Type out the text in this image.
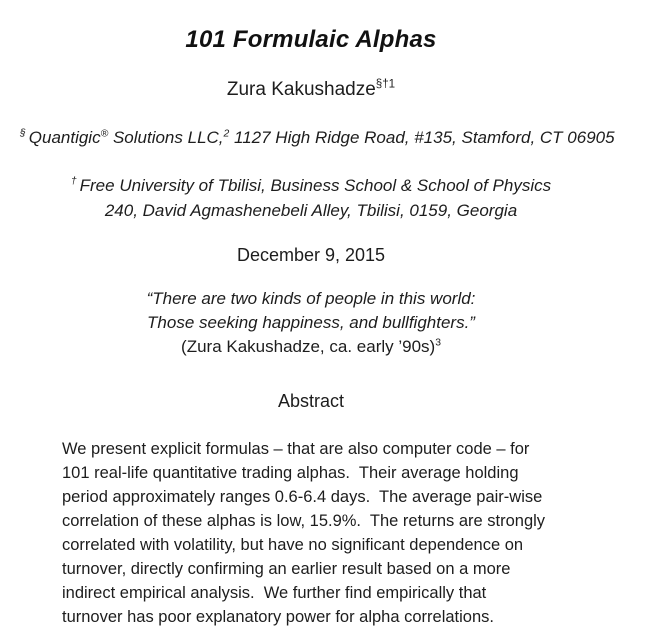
101 Formulaic Alphas
Zura Kakushadze$^{\S\dagger 1}$
§ Quantigic® Solutions LLC,$^2$ 1127 High Ridge Road, #135, Stamford, CT 06905
† Free University of Tbilisi, Business School & School of Physics
240, David Agmashenebeli Alley, Tbilisi, 0159, Georgia
December 9, 2015
“There are two kinds of people in this world:
Those seeking happiness, and bullfighters.”
(Zura Kakushadze, ca. early ’90s)$^3$
Abstract
We present explicit formulas – that are also computer code – for
101 real-life quantitative trading alphas.  Their average holding
period approximately ranges 0.6-6.4 days.  The average pair-wise
correlation of these alphas is low, 15.9%.  The returns are strongly
correlated with volatility, but have no significant dependence on
turnover, directly confirming an earlier result based on a more
indirect empirical analysis.  We further find empirically that
turnover has poor explanatory power for alpha correlations.
